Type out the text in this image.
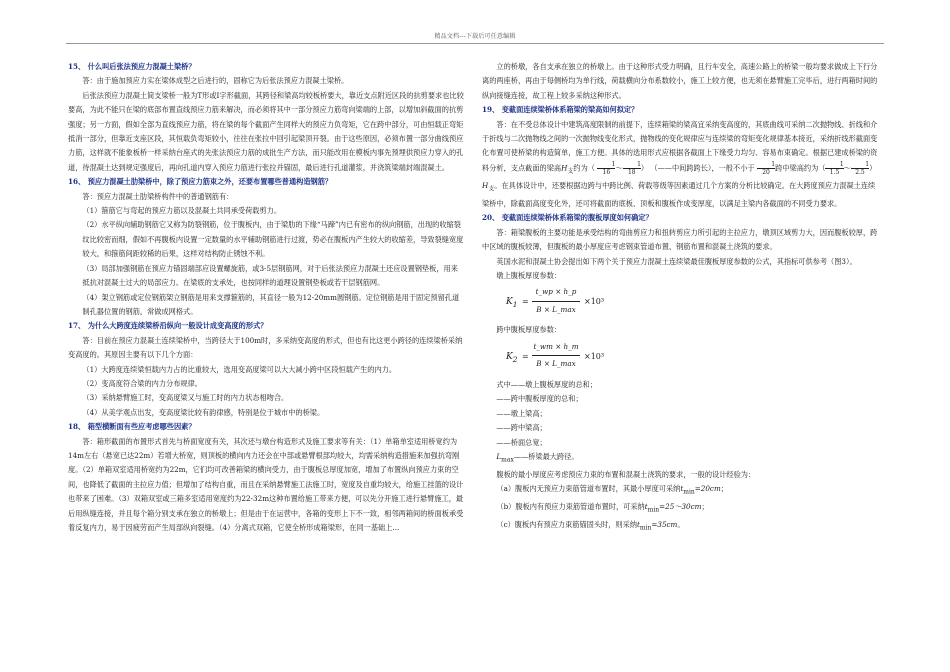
精品文档---下载后可任意编辑
15、 什么叫后张法预应力混凝土梁桥？
答：由于施加预应力实在梁体成型之后进行的，固称它为后张法预应力混凝土梁桥。
后张法预应力混凝土简支梁桥一般为T形或I字形截面，其跨径和梁高均较板桥要大，靠近支点附近区段的抗剪要求也比较要高，为此不能只在梁的底部布置直线预应力筋来解决，而必须将其中一部分预应力筋弯向梁端的上部，以增加斜截面的抗剪强度；另一方面，假如全部为直线预应力筋，将在梁的每个截面产生同样大的预应力负弯矩，它在跨中部分，可由恒载正弯矩抵消一部分，但靠近支座区段，其恒载负弯矩较小，往往在张拉中回引起梁顶开裂。由于这些原因，必须布置一部分曲线预应力筋，这样就不能象板桥一样采纳台座式的先张法预应力筋的成批生产方法，而只能改用在模板内事先预埋供预应力穿入的孔道，待混凝土达到规定强度后，再向孔道内穿入预应力筋进行张拉并锚固，最后进行孔道灌浆，并浇筑梁端封端混凝土。
16、 预应力混凝土肋梁桥中，除了预应力筋束之外，还要布置哪些普通构造钢筋？
答：预应力混凝土肋梁桥构件中的普通钢筋有：
（1）箍筋它与弯起的预应力筋以及混凝土共同承受荷载剪力。
（2）水平纵向辅助钢筋它又称为防裂钢筋，位于腹板内，由于梁肋的下缘“马蹄”内已有密布的纵向钢筋，出现的收缩裂纹比较密而细，假如不再腹板内设置一定数量的水平辅助钢筋进行过渡，势必在腹板内产生较大的收缩差，导致裂缝宽度较大，和箍筋间距较稀的后果，这样对结构防止锈蚀不利。
（3）局部加强钢筋在预应力锚固端部应设置螺旋筋，或3-5层钢筋网，对于后张法预应力混凝土还应设置钢垫板，用来抵抗对混凝土过大的局部应力。在梁底的支承处，也按同样的道理设置钢垫板或若干层钢筋网。
（4）架立钢筋或定位钢筋架立钢筋是用来支撑箍筋的，其直径一般为12-20mm圆钢筋。定位钢筋是用于固定预留孔道制孔器位置的钢筋，常做成网格式。
17、 为什么大跨度连续梁桥沿纵向一般设计成变高度的形式？
答：目前在预应力混凝土连续梁桥中，当跨径大于100m时，多采纳变高度的形式，但也有比这更小跨径的连续梁桥采纳变高度的。其原因主要有以下几个方面：
（1）大跨度连续梁恒载内力占的比重较大，选用变高度梁可以大大减小跨中区段恒载产生的内力。
（2）变高度符合梁的内力分布规律。
（3）采纳悬臂施工时，变高度梁又与施工时的内力状态相吻合。
（4）从美学观点出发，变高度梁比较有韵律感，特别是位于城市中的桥梁。
18、 箱型横断面有些应考虑哪些因素？
答：箱形截面的布置形式首先与桥面宽度有关，其次还与墩台构造形式及施工要求等有关：（1）单箱单室适用桥宽约为14m左右（悬宽已达22m）若增大桥宽，则顶板的横向内力还会在中部或悬臂根部均较大，均需采纳构造措施来加强抗弯刚度。（2）单箱双室适用桥宽约为22m，它们均可改善箱梁的横向受力，由于腹板总厚度加宽，增加了布置纵向预应力束的空间，也降低了截面的主拉应力值；但增加了结构自重，而且在采纳悬臂施工法施工时，宽度及自重均较大，给施工挂篮的设计也带来了困难。（3）双箱双室或三箱多室适用宽度约为22-32m这种布置给施工带来方便，可以先分开施工进行悬臂施工，最后用纵缝连接，并且每个箱分别支承在独立的桥墩上；但是由于在运营中，各箱的变形上下不一致，相邻两箱间的桥面板承受着反复内力，易于因疲劳而产生局部纵向裂缝。（4）分离式双箱，它使全桥形成箱梁形，在同一基础上...
立的桥墩，各自支承在独立的桥墩上。由于这种形式受力明确，且行车安全，高速公路上的桥梁一般均要求做成上下行分离的两座桥，再由于每侧桥均为单行线，荷载横向分布系数较小，施工上较方便，也无须在悬臂施工完毕后，进行两箱时间的纵向接缝连接，故工程上较多采纳这种形式。
19、 变截面连续梁桥体系箱梁的梁高如何拟定？
答：在不受总体设计中建筑高度限制的前提下，连续箱梁的梁高宜采纳变高度的，其底曲线可采纳二次抛物线、折线和介于折线与二次抛物线之间的一次抛物线变化形式，抛物线的变化规律应与连续梁的弯矩变化规律基本接近，采纳折线形截面变化布置可使桥梁的构造简单，施工方便。具体的选用形式应根据各截面上下缘受力均匀、容易布束确定。根据已建成桥梁的资料分析，支点截面的梁高$H_支$约为（	1
16 ～ 1
18 ） （——中间跨跨长），一般不小于	1
20 跨中梁高约为（ 1
1.5 ～ 1
2.5 ）$H_支$。在具体设计中，还要根据边跨与中跨比例、荷载等级等因素通过几个方案的分析比较确定。在大跨度预应力混凝土连续梁桥中，除截面高度变化外，还可将截面的底板、顶板和腹板作成变厚度，以满足主梁内各截面的不同受力要求。
20、 变截面连续梁桥体系箱梁的腹板厚度如何确定？
答：箱梁腹板的主要功能是承受结构的弯曲剪应力和扭转剪应力所引起的主拉应力，墩顶区域剪力大，因而腹板较厚，跨中区域的腹板较薄，但腹板的最小厚度应考虑钢束管道布置、钢筋布置和混凝土浇筑的要求。
英国水泥和混凝土协会提出如下两个关于预应力混凝土连续梁最佳腹板厚度参数的公式，其指标可供参考（图3）。
墩上腹板厚度参数：
$K_1$ =
t_wp × h_p
B × L_max
×10³
跨中腹板厚度参数：
$K_2$ =
t_wm × h_m
B × L_max
×10³
式中——墩上腹板厚度的总和；
——跨中腹板厚度的总和；
——墩上梁高；
——跨中梁高；
——桥面总宽；
$L_{max}——$桥梁最大跨径。
腹板的最小厚度应考虑预应力束的布置和混凝土浇筑的要求，一般的设计经验为：
（a）腹板内无预应力束筋管道布置时，其最小厚度可采纳$t_{min}=20cm$；
（b）腹板内有预应力束筋管道布置时，可采纳$t_{min}=25\sim 30cm$；
（c）腹板内有预应力束筋锚固头时，则采纳$t_{min}=35cm$。
